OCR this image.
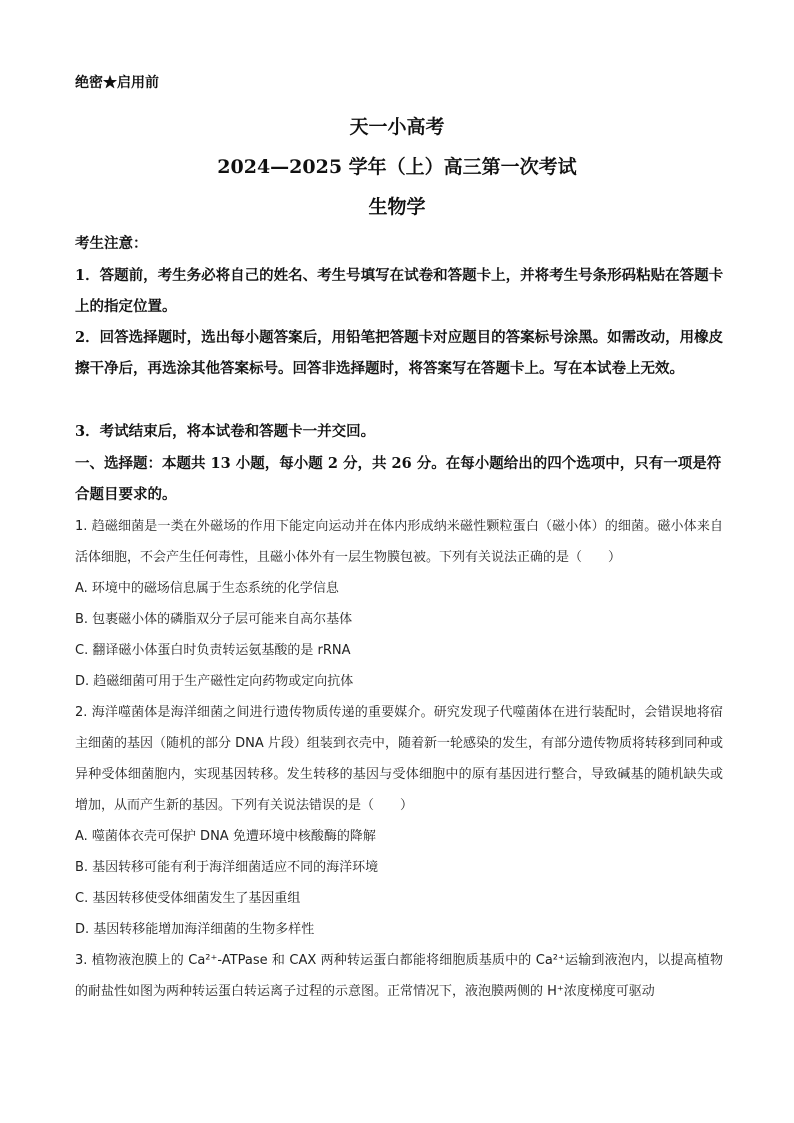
绝密★启用前
天一小高考
2024—2025 学年（上）高三第一次考试
生物学
考生注意：
1．答题前，考生务必将自己的姓名、考生号填写在试卷和答题卡上，并将考生号条形码粘贴在答题卡上的指定位置。
2．回答选择题时，选出每小题答案后，用铅笔把答题卡对应题目的答案标号涂黑。如需改动，用橡皮擦干净后，再选涂其他答案标号。回答非选择题时，将答案写在答题卡上。写在本试卷上无效。
3．考试结束后，将本试卷和答题卡一并交回。
一、选择题：本题共 13 小题，每小题 2 分，共 26 分。在每小题给出的四个选项中，只有一项是符合题目要求的。
1. 趋磁细菌是一类在外磁场的作用下能定向运动并在体内形成纳米磁性颗粒蛋白（磁小体）的细菌。磁小体来自活体细胞，不会产生任何毒性，且磁小体外有一层生物膜包被。下列有关说法正确的是（　　）
A. 环境中的磁场信息属于生态系统的化学信息
B. 包裹磁小体的磷脂双分子层可能来自高尔基体
C. 翻译磁小体蛋白时负责转运氨基酸的是 rRNA
D. 趋磁细菌可用于生产磁性定向药物或定向抗体
2. 海洋噬菌体是海洋细菌之间进行遗传物质传递的重要媒介。研究发现子代噬菌体在进行装配时，会错误地将宿主细菌的基因（随机的部分 DNA 片段）组装到衣壳中，随着新一轮感染的发生，有部分遗传物质将转移到同种或异种受体细菌胞内，实现基因转移。发生转移的基因与受体细胞中的原有基因进行整合，导致碱基的随机缺失或增加，从而产生新的基因。下列有关说法错误的是（　　）
A. 噬菌体衣壳可保护 DNA 免遭环境中核酸酶的降解
B. 基因转移可能有利于海洋细菌适应不同的海洋环境
C. 基因转移使受体细菌发生了基因重组
D. 基因转移能增加海洋细菌的生物多样性
3. 植物液泡膜上的 Ca²⁺-ATPase 和 CAX 两种转运蛋白都能将细胞质基质中的 Ca²⁺运输到液泡内，以提高植物的耐盐性如图为两种转运蛋白转运离子过程的示意图。正常情况下，液泡膜两侧的 H⁺浓度梯度可驱动
